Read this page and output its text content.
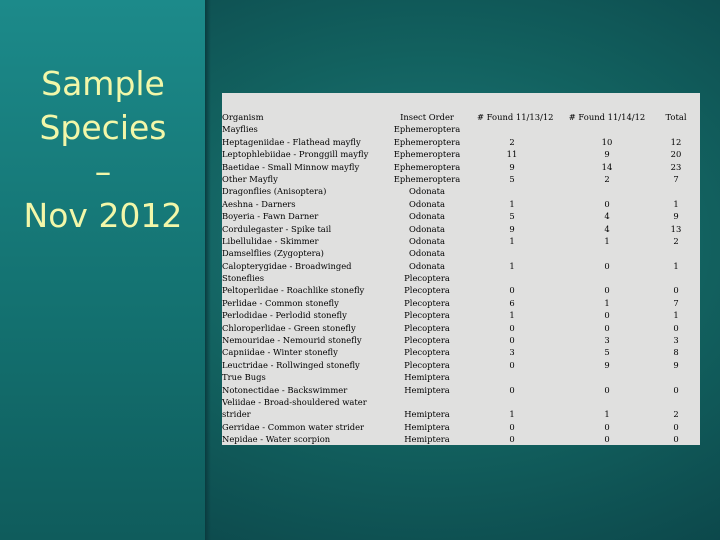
Sample
Species
–
Nov 2012
Organism
Mayflies
Heptageniidae - Flathead mayfly
Leptophlebiidae - Pronggill mayfly
Baetidae - Small Minnow mayfly
Other Mayfly
Dragonflies (Anisoptera)
Aeshna - Darners
Boyeria - Fawn Darner
Cordulegaster - Spike tail
Libellulidae - Skimmer
Damselflies (Zygoptera)
Calopterygidae - Broadwinged
Stoneflies
Peltoperlidae - Roachlike stonefly
Perlidae - Common stonefly
Perlodidae - Perlodid stonefly
Chloroperlidae - Green stonefly
Nemouridae - Nemourid stonefly
Capniidae - Winter stonefly
Leuctridae - Rollwinged stonefly
True Bugs
Notonectidae - Backswimmer
Veliidae - Broad-shouldered water strider
Gerridae - Common water strider
Nepidae - Water scorpion
Insect Order
Ephemeroptera
Ephemeroptera
Ephemeroptera
Ephemeroptera
Ephemeroptera
Odonata
Odonata
Odonata
Odonata
Odonata
Odonata
Odonata
Plecoptera
Plecoptera
Plecoptera
Plecoptera
Plecoptera
Plecoptera
Plecoptera
Plecoptera
Hemiptera
Hemiptera
Hemiptera
Hemiptera
Hemiptera
# Found 11/13/12
2
11
9
5
1
5
9
1
1
0
6
1
0
0
3
0
0
1
0
0
# Found 11/14/12
10
9
14
2
0
4
4
1
0
0
1
0
0
3
5
9
0
1
0
0
Total
12
20
23
7
1
9
13
2
1
0
7
1
0
3
8
9
0
2
0
0
